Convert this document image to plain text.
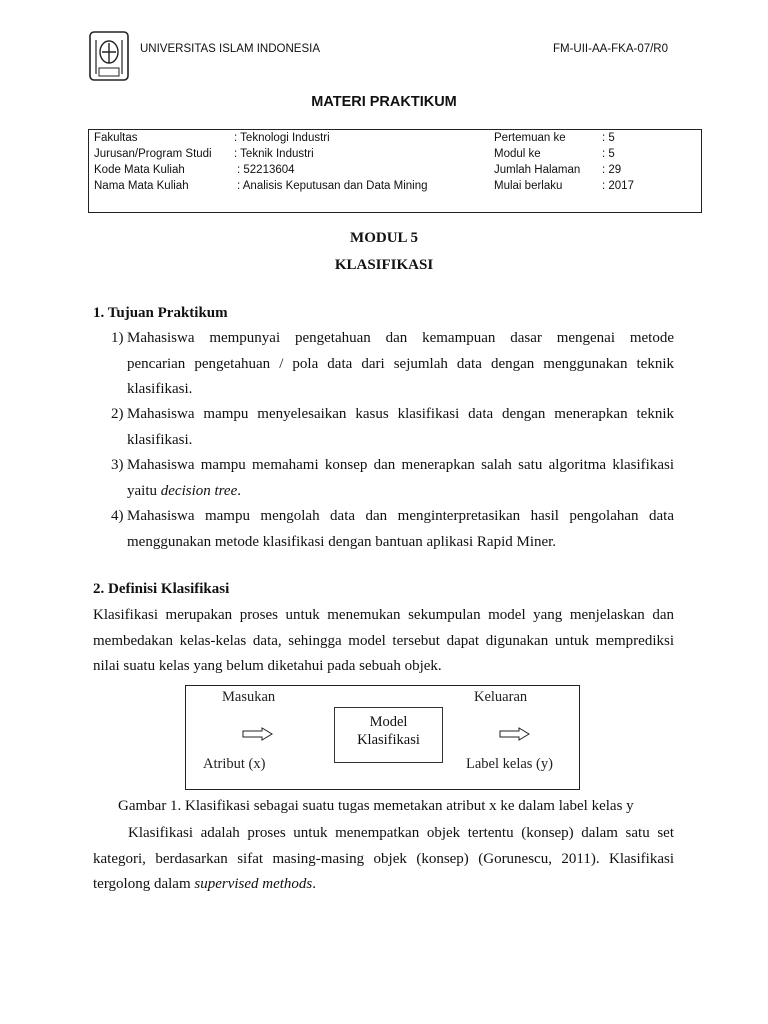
UNIVERSITAS ISLAM INDONESIA	FM-UII-AA-FKA-07/R0
MATERI PRAKTIKUM
Fakultas	: Teknologi Industri
Jurusan/Program Studi : Teknik Industri
Kode Mata Kuliah	: 52213604
Nama Mata Kuliah	: Analisis Keputusan dan Data Mining
Pertemuan ke	: 5
Modul ke	: 5
Jumlah Halaman : 29
Mulai berlaku	: 2017
MODUL 5
KLASIFIKASI
1. Tujuan Praktikum
1) Mahasiswa mempunyai pengetahuan dan kemampuan dasar mengenai metode
pencarian pengetahuan / pola data dari sejumlah data dengan menggunakan teknik
klasifikasi.
2) Mahasiswa mampu menyelesaikan kasus klasifikasi data dengan menerapkan teknik
klasifikasi.
3) Mahasiswa mampu memahami konsep dan menerapkan salah satu algoritma klasifikasi
yaitu decision tree.
4) Mahasiswa mampu mengolah data dan menginterpretasikan hasil pengolahan data
menggunakan metode klasifikasi dengan bantuan aplikasi Rapid Miner.
2. Definisi Klasifikasi
Klasifikasi merupakan proses untuk menemukan sekumpulan model yang menjelaskan dan
membedakan kelas-kelas data, sehingga model tersebut dapat digunakan untuk memprediksi
nilai suatu kelas yang belum diketahui pada sebuah objek.
Masukan	Keluaran
Model
Klasifikasi
Atribut (x)	Label kelas (y)
Gambar 1. Klasifikasi sebagai suatu tugas memetakan atribut x ke dalam label kelas y
Klasifikasi adalah proses untuk menempatkan objek tertentu (konsep) dalam satu set
kategori, berdasarkan sifat masing-masing objek (konsep) (Gorunescu, 2011). Klasifikasi
tergolong dalam supervised methods.
